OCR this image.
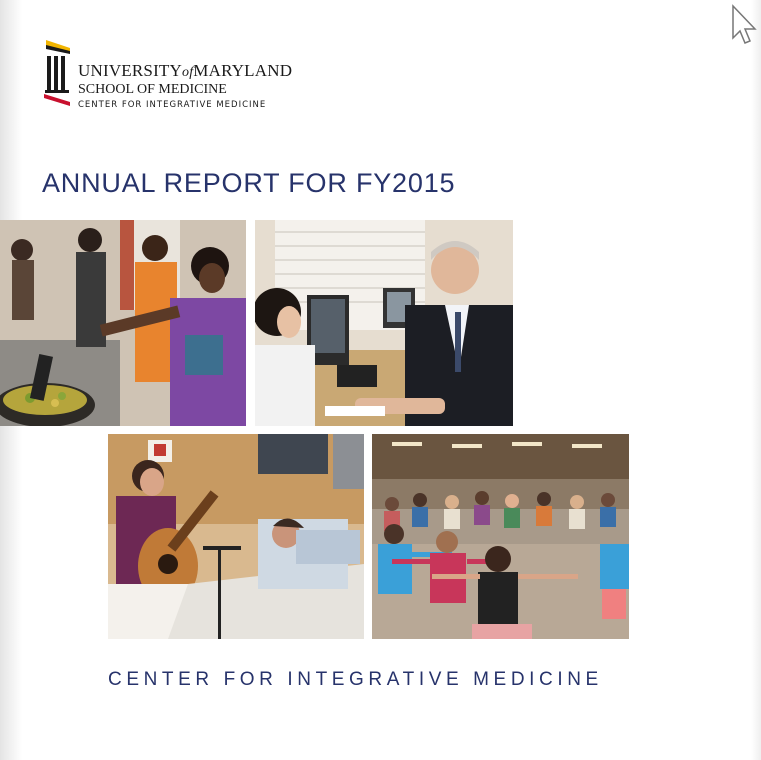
UNIVERSITYofMARYLAND
SCHOOL OF MEDICINE
CENTER FOR INTEGRATIVE MEDICINE
ANNUAL REPORT FOR FY2015
CENTER FOR INTEGRATIVE MEDICINE
